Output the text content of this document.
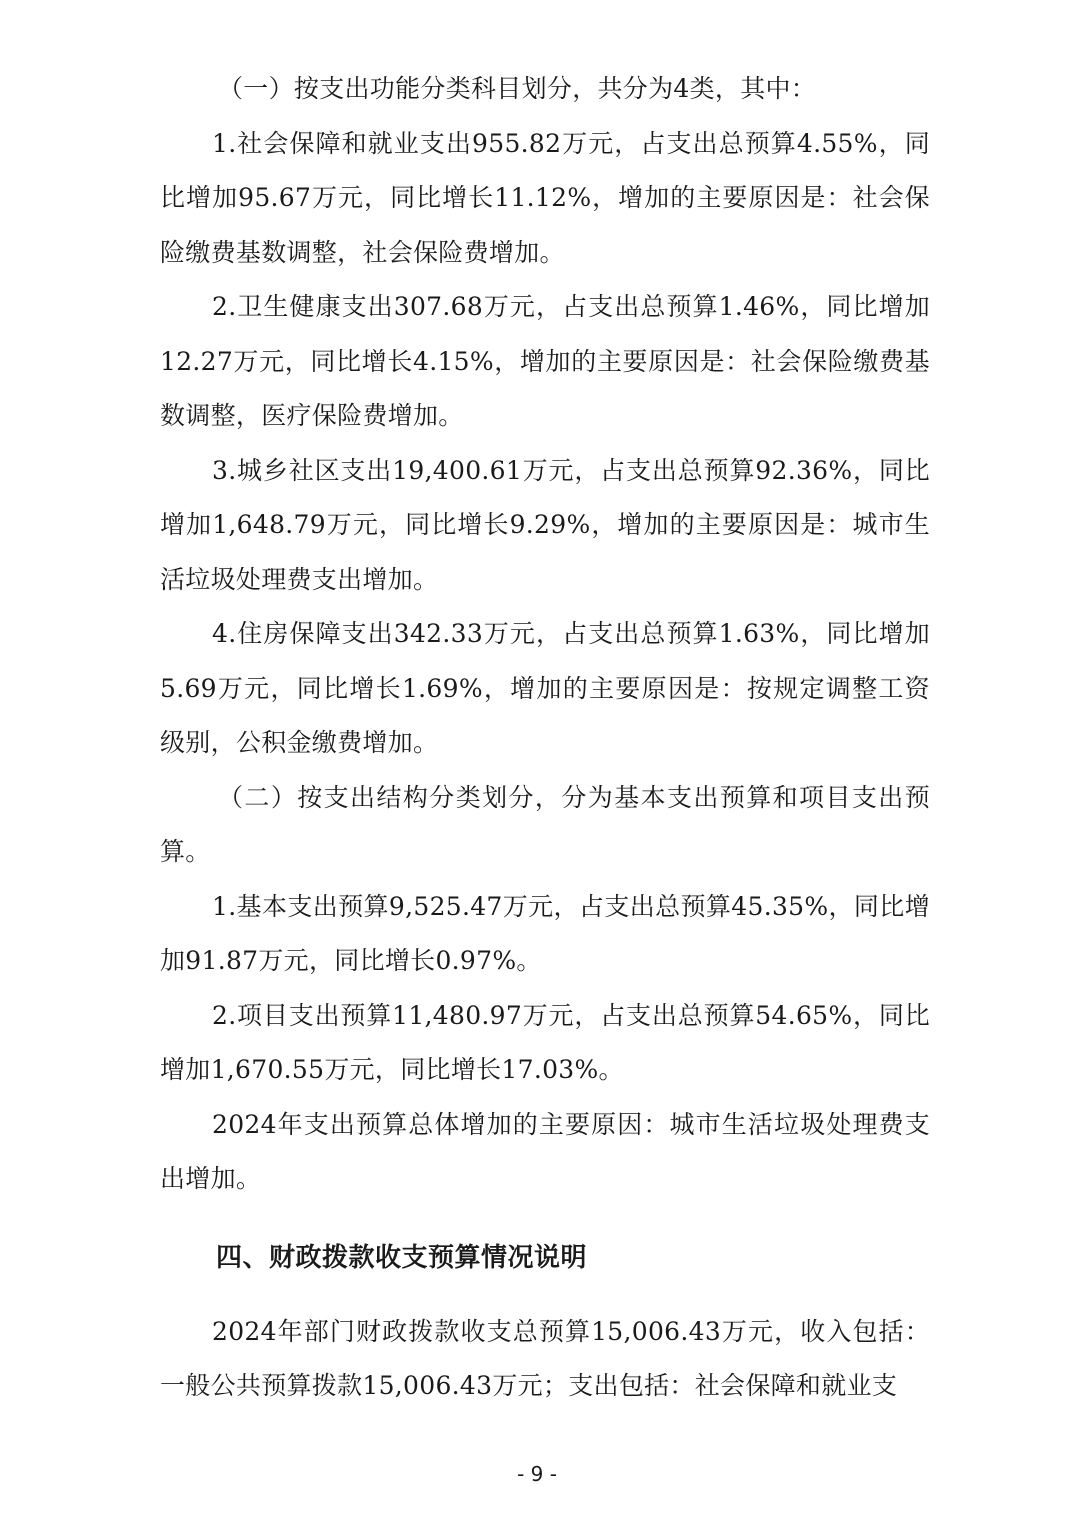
（一）按支出功能分类科目划分，共分为4类，其中：

1.社会保障和就业支出955.82万元，占支出总预算4.55%，同比增加95.67万元，同比增长11.12%，增加的主要原因是：社会保险缴费基数调整，社会保险费增加。

2.卫生健康支出307.68万元，占支出总预算1.46%，同比增加12.27万元，同比增长4.15%，增加的主要原因是：社会保险缴费基数调整，医疗保险费增加。

3.城乡社区支出19,400.61万元，占支出总预算92.36%，同比增加1,648.79万元，同比增长9.29%，增加的主要原因是：城市生活垃圾处理费支出增加。

4.住房保障支出342.33万元，占支出总预算1.63%，同比增加5.69万元，同比增长1.69%，增加的主要原因是：按规定调整工资级别，公积金缴费增加。

（二）按支出结构分类划分，分为基本支出预算和项目支出预算。

1.基本支出预算9,525.47万元，占支出总预算45.35%，同比增加91.87万元，同比增长0.97%。

2.项目支出预算11,480.97万元，占支出总预算54.65%，同比增加1,670.55万元，同比增长17.03%。

2024年支出预算总体增加的主要原因：城市生活垃圾处理费支出增加。

四、财政拨款收支预算情况说明

2024年部门财政拨款收支总预算15,006.43万元，收入包括：一般公共预算拨款15,006.43万元；支出包括：社会保障和就业支

- 9 -
